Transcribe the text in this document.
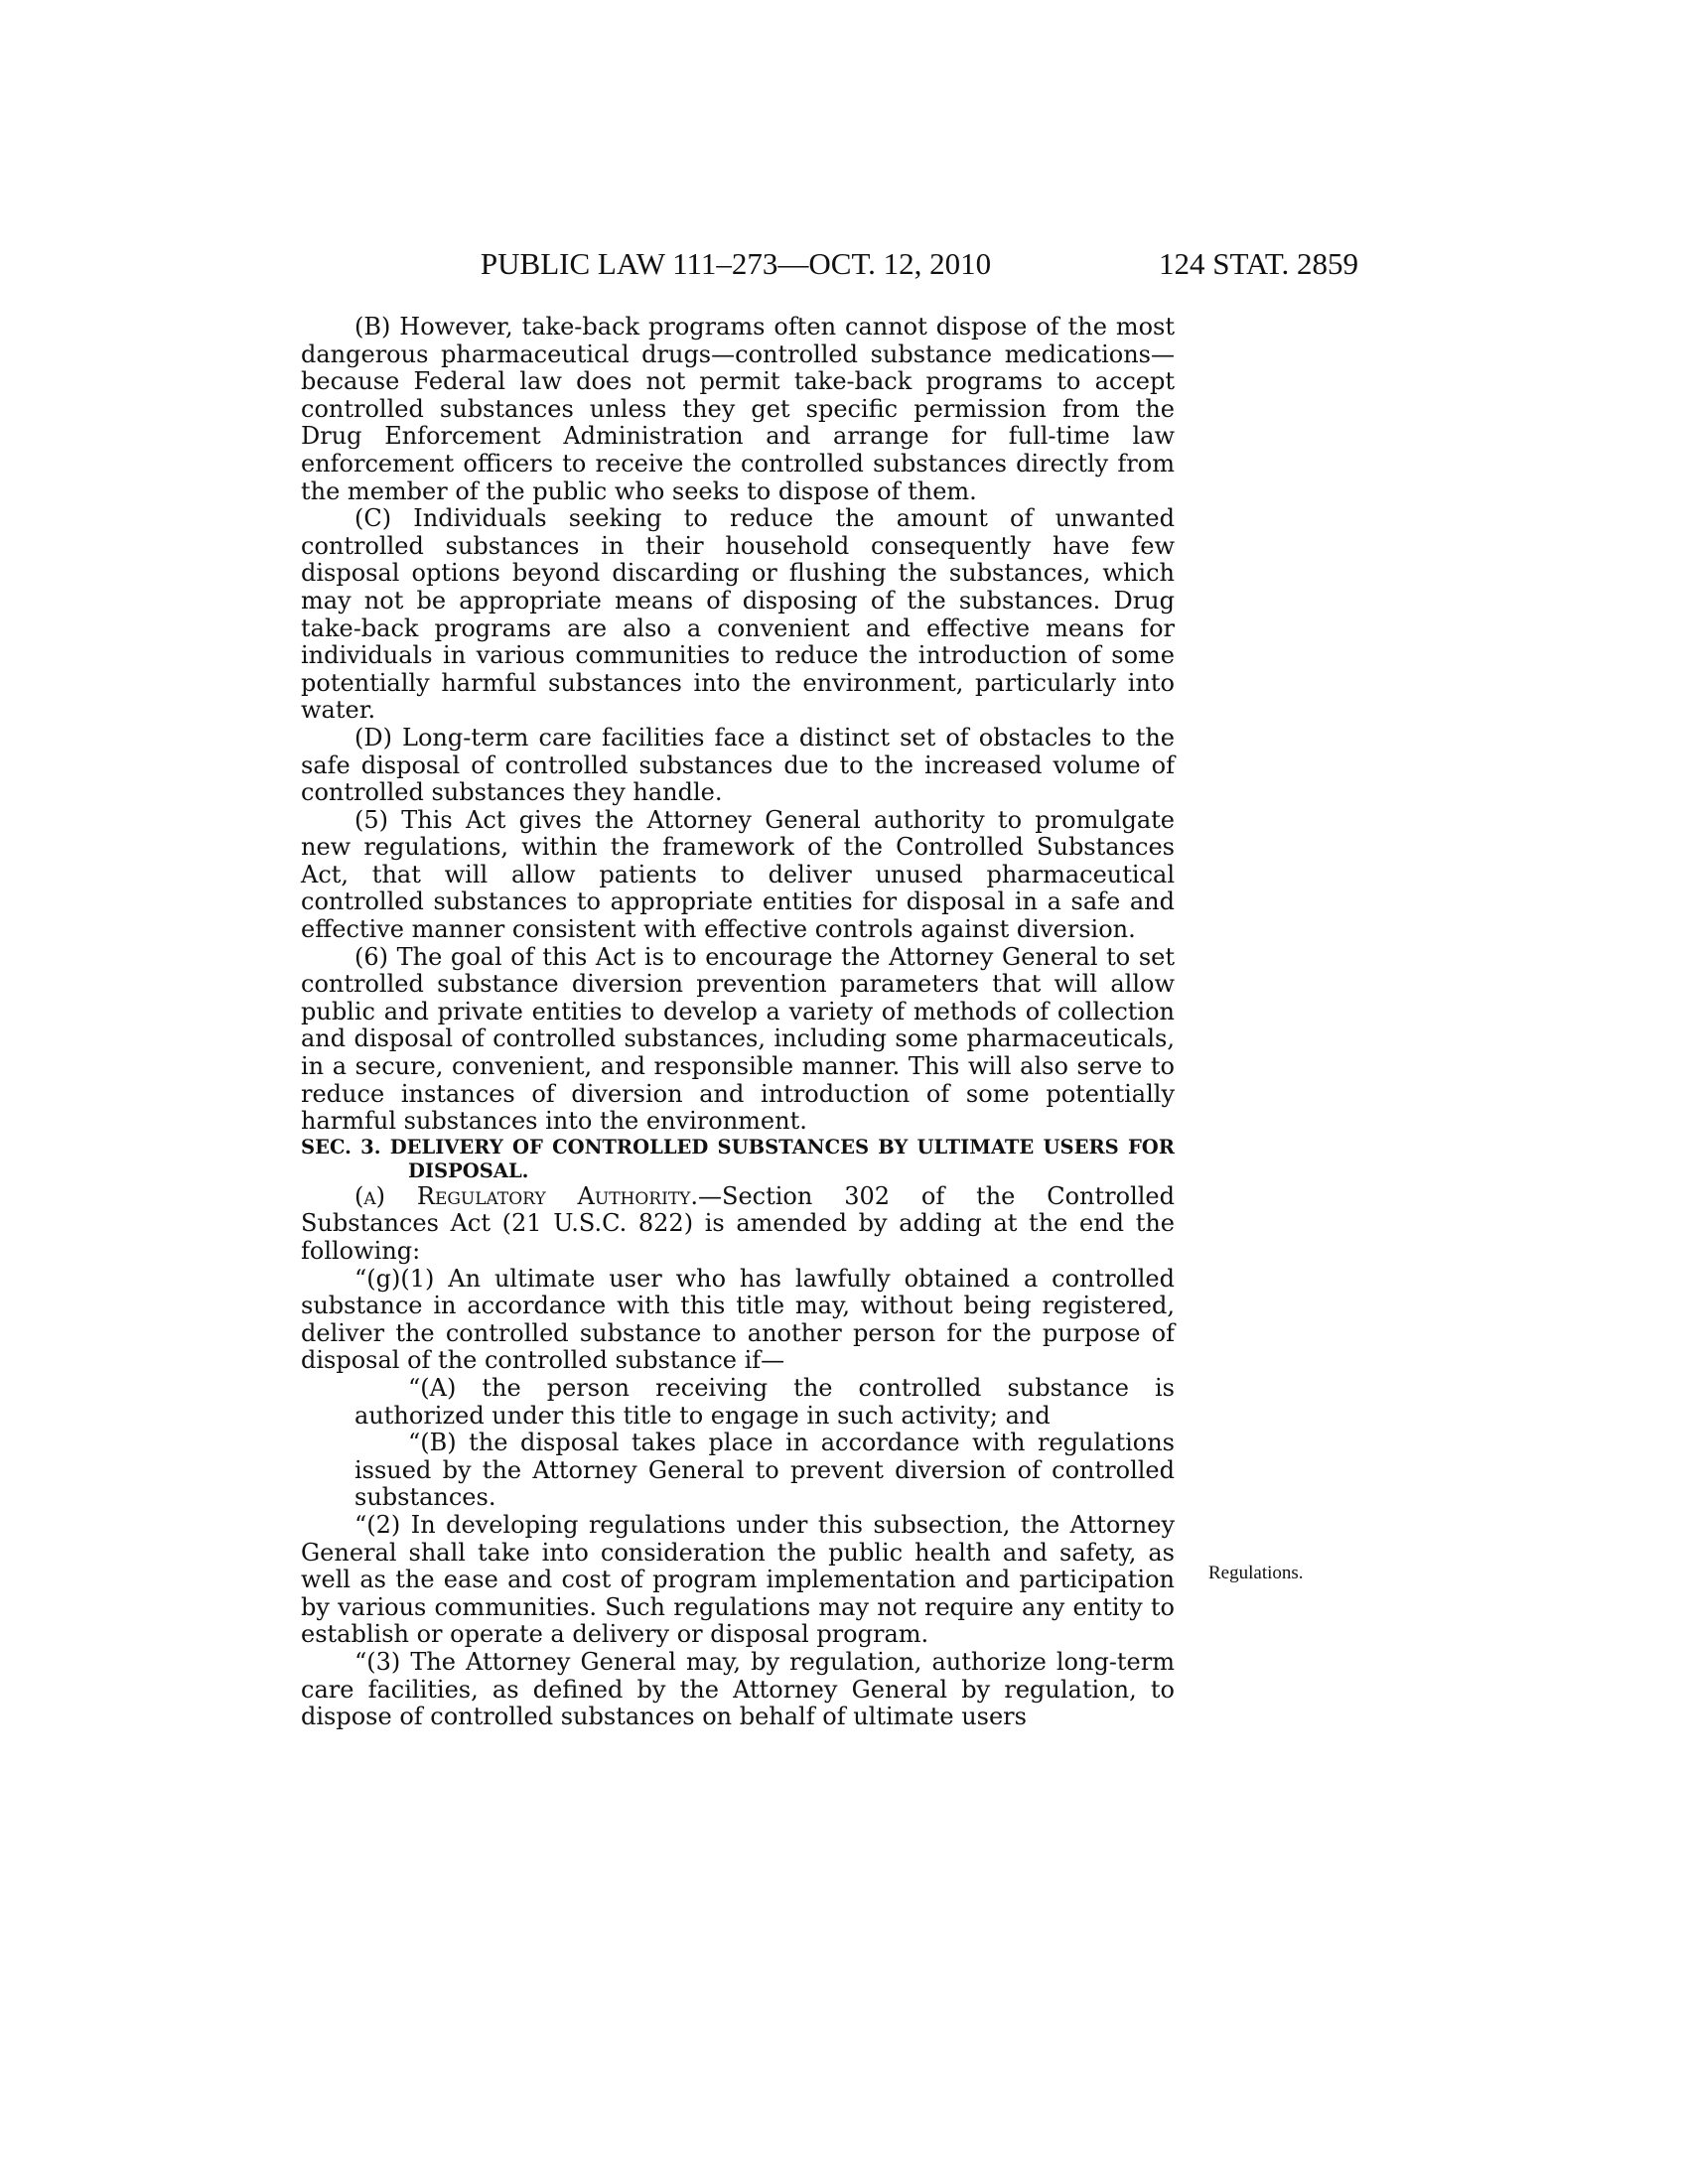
PUBLIC LAW 111–273—OCT. 12, 2010	124 STAT. 2859

(B) However, take-back programs often cannot dispose of the most dangerous pharmaceutical drugs—controlled substance medications—because Federal law does not permit take-back programs to accept controlled substances unless they get specific permission from the Drug Enforcement Administration and arrange for full-time law enforcement officers to receive the controlled substances directly from the member of the public who seeks to dispose of them.

(C) Individuals seeking to reduce the amount of unwanted controlled substances in their household consequently have few disposal options beyond discarding or flushing the substances, which may not be appropriate means of disposing of the substances. Drug take-back programs are also a convenient and effective means for individuals in various communities to reduce the introduction of some potentially harmful substances into the environment, particularly into water.

(D) Long-term care facilities face a distinct set of obstacles to the safe disposal of controlled substances due to the increased volume of controlled substances they handle.

(5) This Act gives the Attorney General authority to promulgate new regulations, within the framework of the Controlled Substances Act, that will allow patients to deliver unused pharmaceutical controlled substances to appropriate entities for disposal in a safe and effective manner consistent with effective controls against diversion.

(6) The goal of this Act is to encourage the Attorney General to set controlled substance diversion prevention parameters that will allow public and private entities to develop a variety of methods of collection and disposal of controlled substances, including some pharmaceuticals, in a secure, convenient, and responsible manner. This will also serve to reduce instances of diversion and introduction of some potentially harmful substances into the environment.

SEC. 3. DELIVERY OF CONTROLLED SUBSTANCES BY ULTIMATE USERS FOR DISPOSAL.

(a) Regulatory Authority.—Section 302 of the Controlled Substances Act (21 U.S.C. 822) is amended by adding at the end the following:

“(g)(1) An ultimate user who has lawfully obtained a controlled substance in accordance with this title may, without being registered, deliver the controlled substance to another person for the purpose of disposal of the controlled substance if—

“(A) the person receiving the controlled substance is authorized under this title to engage in such activity; and

“(B) the disposal takes place in accordance with regulations issued by the Attorney General to prevent diversion of controlled substances.

“(2) In developing regulations under this subsection, the Attorney General shall take into consideration the public health and safety, as well as the ease and cost of program implementation and participation by various communities. Such regulations may not require any entity to establish or operate a delivery or disposal program.

“(3) The Attorney General may, by regulation, authorize long-term care facilities, as defined by the Attorney General by regulation, to dispose of controlled substances on behalf of ultimate users

Regulations.
